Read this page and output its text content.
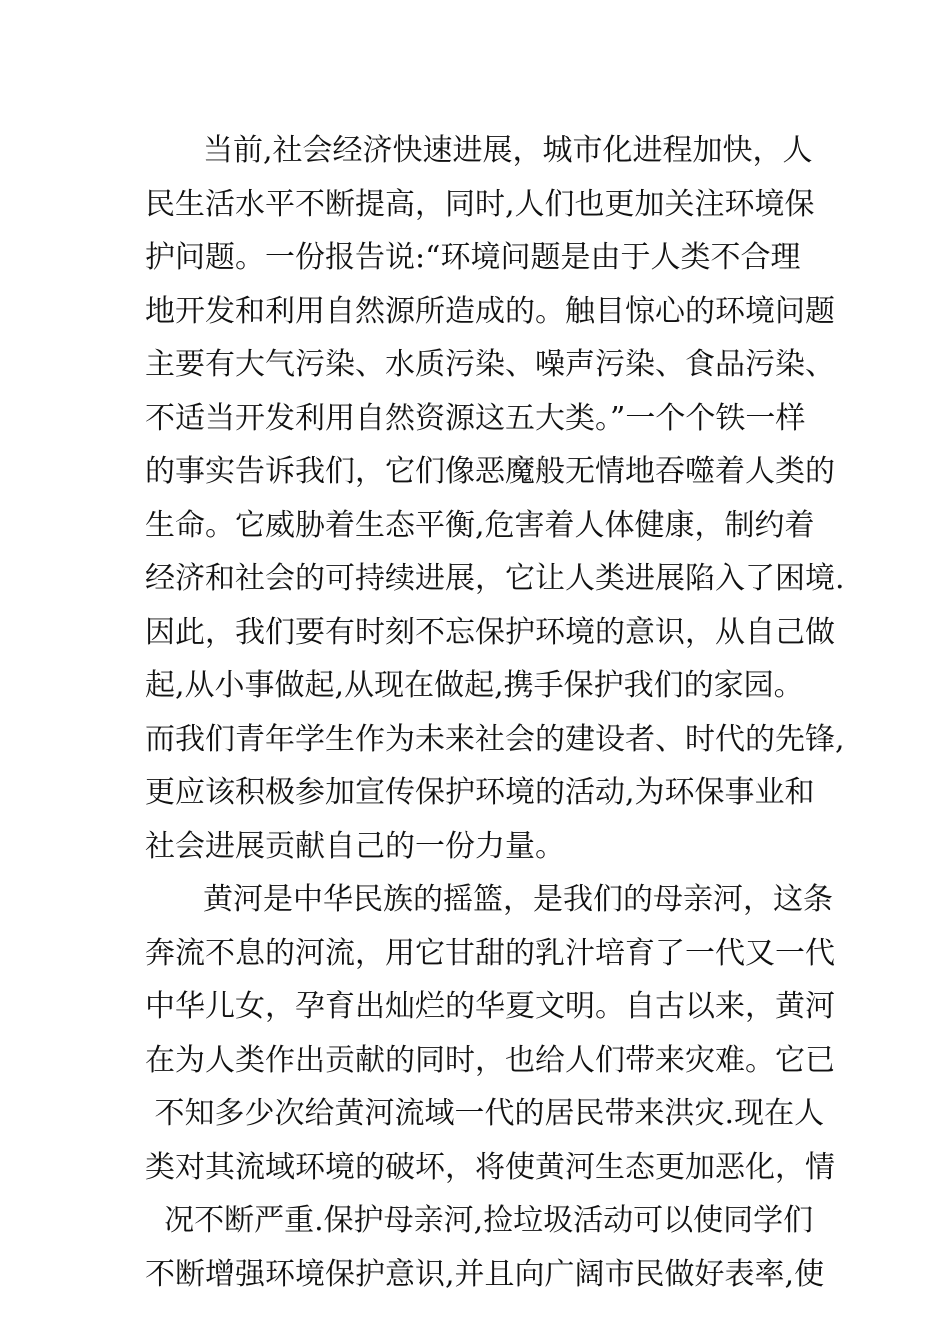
当前,社会经济快速进展，城市化进程加快，人
民生活水平不断提高，同时,人们也更加关注环境保
护问题。一份报告说:“环境问题是由于人类不合理
地开发和利用自然源所造成的。触目惊心的环境问题
主要有大气污染、水质污染、噪声污染、食品污染、
不适当开发利用自然资源这五大类。”一个个铁一样
的事实告诉我们，它们像恶魔般无情地吞噬着人类的
生命。它威胁着生态平衡,危害着人体健康，制约着
经济和社会的可持续进展，它让人类进展陷入了困境.
因此，我们要有时刻不忘保护环境的意识，从自己做
起,从小事做起,从现在做起,携手保护我们的家园。
而我们青年学生作为未来社会的建设者、时代的先锋,
更应该积极参加宣传保护环境的活动,为环保事业和
社会进展贡献自己的一份力量。
黄河是中华民族的摇篮，是我们的母亲河，这条
奔流不息的河流，用它甘甜的乳汁培育了一代又一代
中华儿女，孕育出灿烂的华夏文明。自古以来，黄河
在为人类作出贡献的同时，也给人们带来灾难。它已
不知多少次给黄河流域一代的居民带来洪灾.现在人
类对其流域环境的破坏，将使黄河生态更加恶化，情
况不断严重.保护母亲河,捡垃圾活动可以使同学们
不断增强环境保护意识,并且向广阔市民做好表率,使
